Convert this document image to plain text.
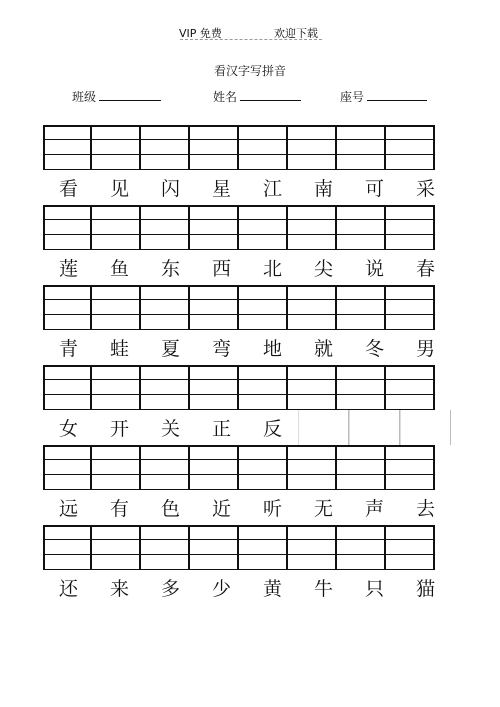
VIP 免费	欢迎下载
看汉字写拼音
班级	姓名	座号
看	见	闪	星	江	南	可	采
莲	鱼	东	西	北	尖	说	春
青	蛙	夏	弯	地	就	冬	男
女	开	关	正	反
远	有	色	近	听	无	声	去
还	来	多	少	黄	牛	只	猫
